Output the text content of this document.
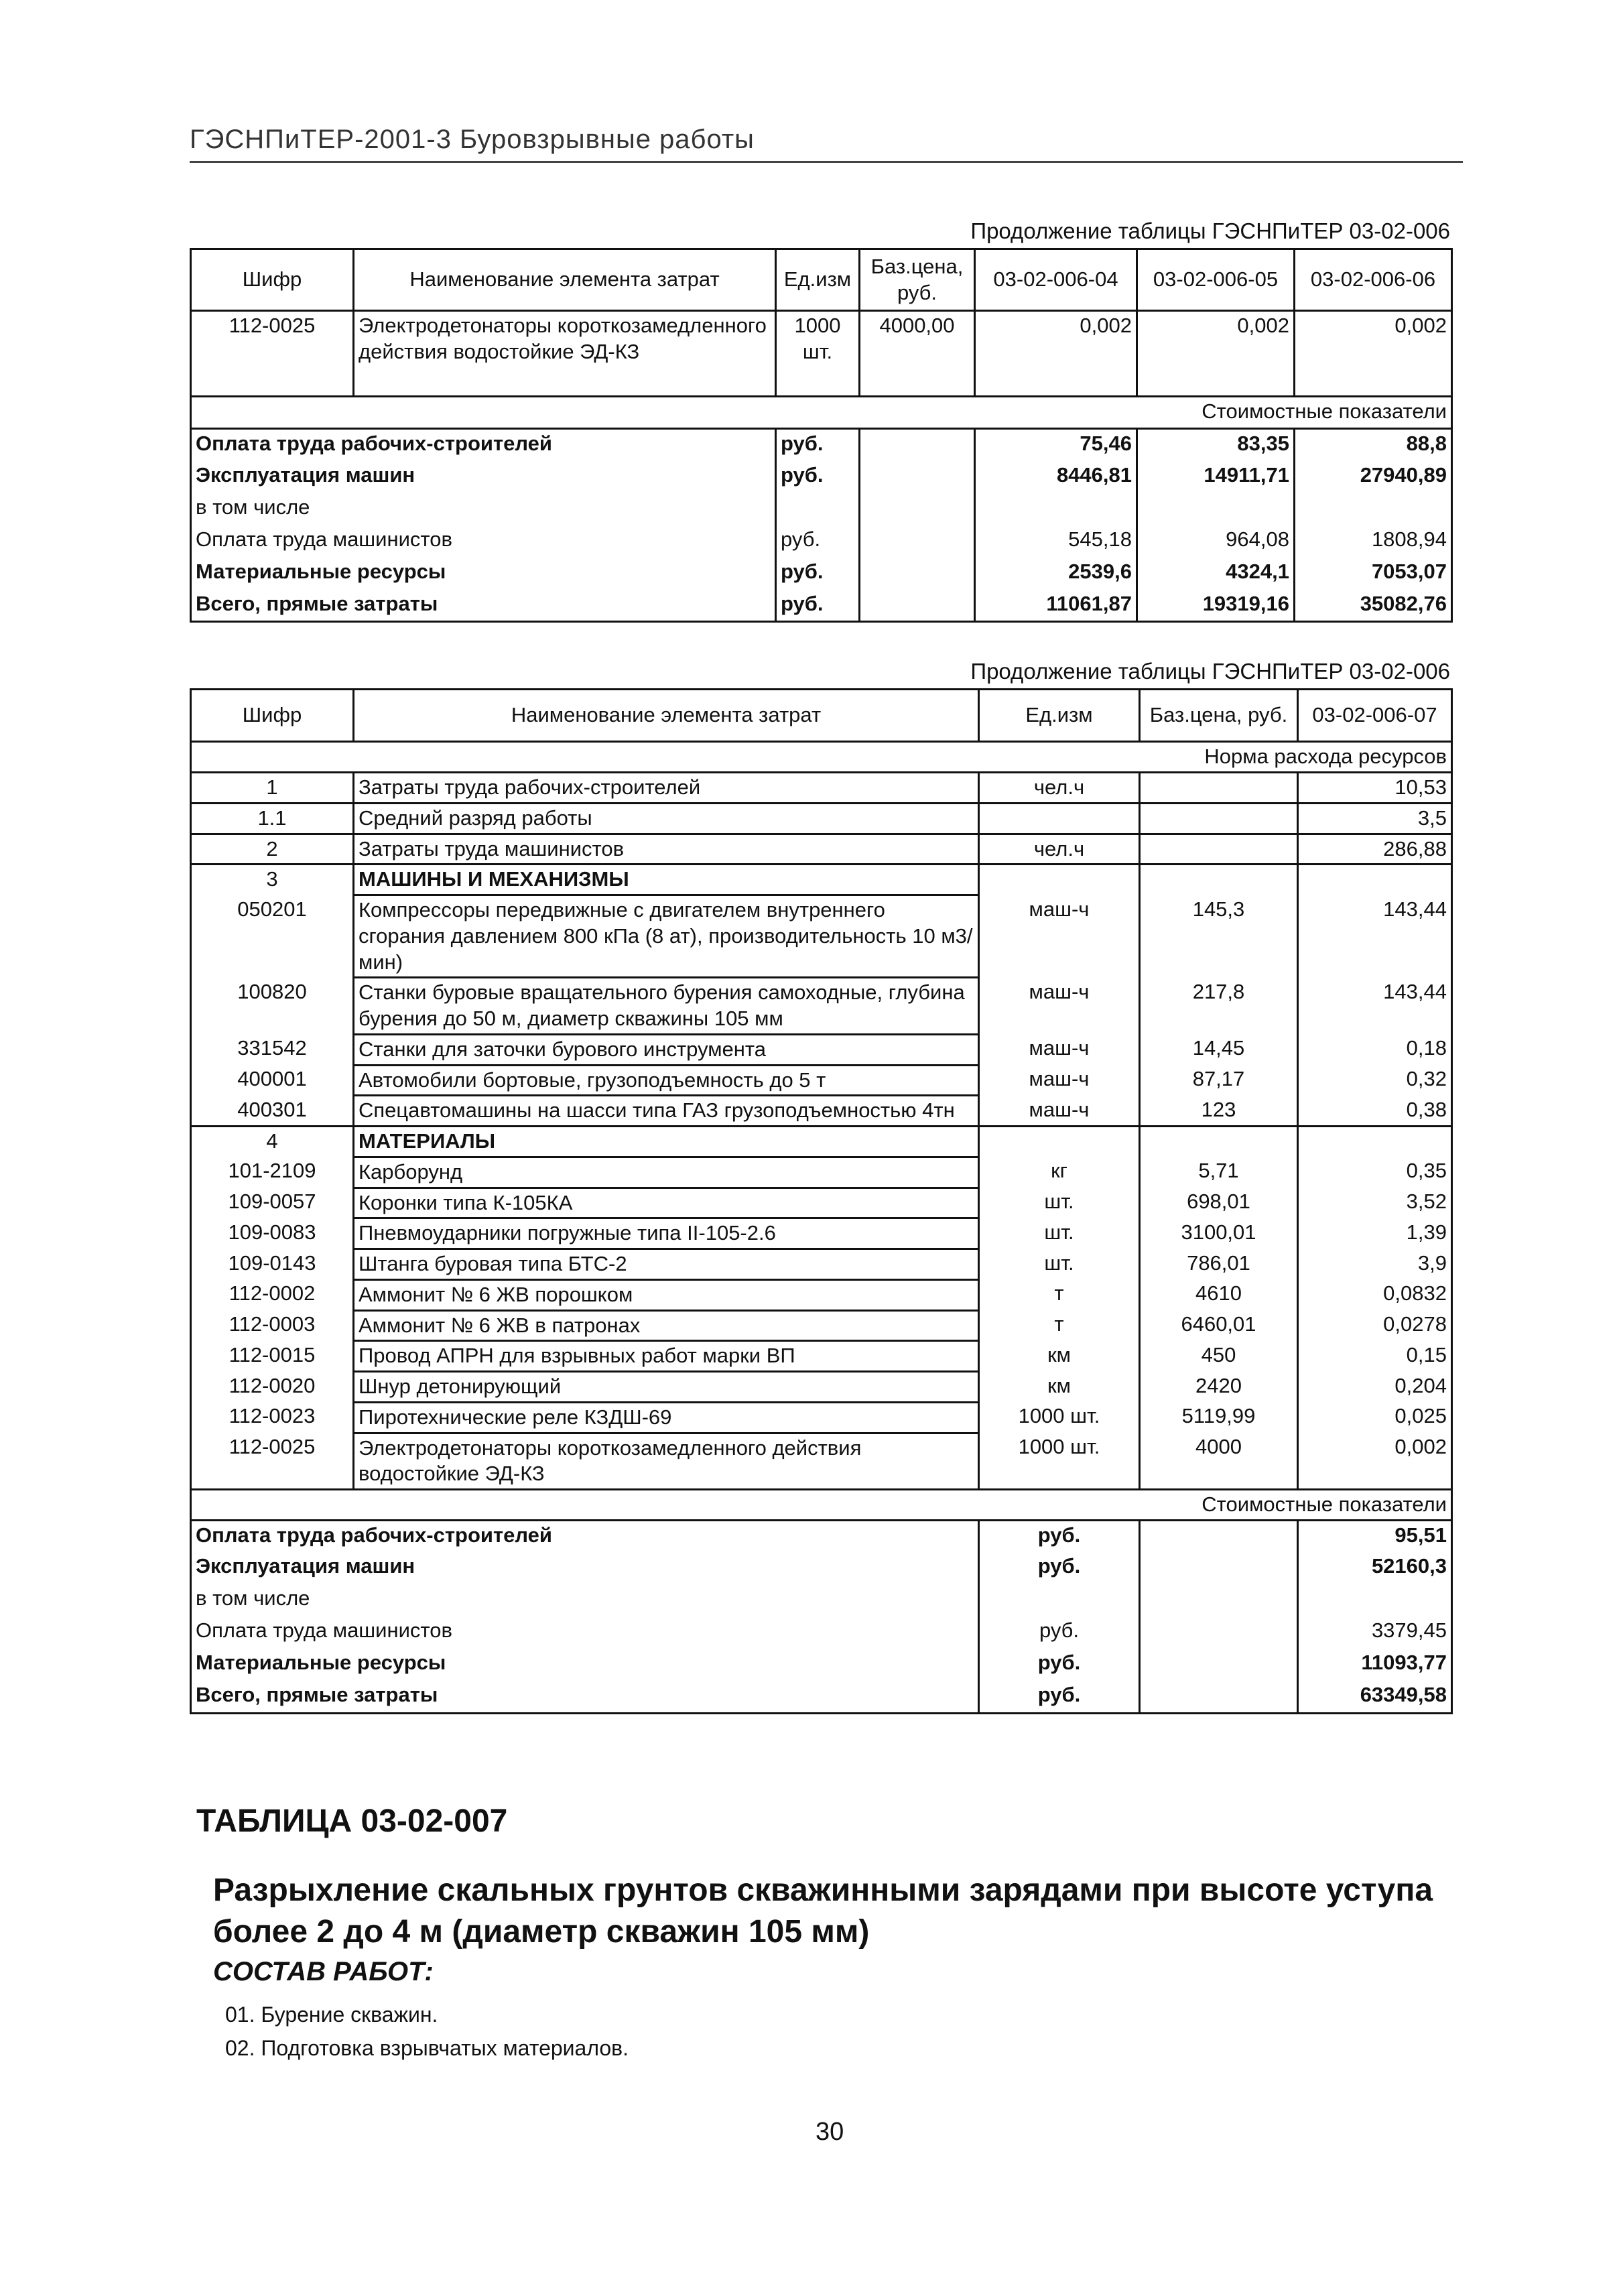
ГЭСНПиТЕР-2001-3 Буровзрывные работы
Продолжение таблицы ГЭСНПиТЕР 03-02-006
Шифр	Наименование элемента затрат	Ед.изм	Баз.цена, руб.	03-02-006-04	03-02-006-05	03-02-006-06
112-0025	Электродетонаторы короткозамедленного действия водостойкие ЭД-КЗ	1000 шт.	4000,00	0,002	0,002	0,002
Стоимостные показатели						
Оплата труда рабочих-строителей		руб.		75,46	83,35	88,8
Эксплуатация машин		руб.		8446,81	14911,71	27940,89
в том числе						
Оплата труда машинистов		руб.		545,18	964,08	1808,94
Материальные ресурсы		руб.		2539,6	4324,1	7053,07
Всего, прямые затраты		руб.		11061,87	19319,16	35082,76
Продолжение таблицы ГЭСНПиТЕР 03-02-006
Шифр	Наименование элемента затрат	Ед.изм	Баз.цена, руб.	03-02-006-07
Норма расхода ресурсов				
1	Затраты труда рабочих-строителей	чел.ч		10,53
1.1	Средний разряд работы			3,5
2	Затраты труда машинистов	чел.ч		286,88
3	МАШИНЫ И МЕХАНИЗМЫ			
050201	Компрессоры передвижные с двигателем внутреннего сгорания давлением 800 кПа (8 ат), производительность 10 м3/мин)	маш-ч	145,3	143,44
100820	Станки буровые вращательного бурения самоходные, глубина бурения до 50 м, диаметр скважины 105 мм	маш-ч	217,8	143,44
331542	Станки для заточки бурового инструмента	маш-ч	14,45	0,18
400001	Автомобили бортовые, грузоподъемность до 5 т	маш-ч	87,17	0,32
400301	Спецавтомашины на шасси типа ГАЗ грузоподъемностью 4тн	маш-ч	123	0,38
4	МАТЕРИАЛЫ			
101-2109	Карборунд	кг	5,71	0,35
109-0057	Коронки типа К-105КА	шт.	698,01	3,52
109-0083	Пневмоударники погружные типа II-105-2.6	шт.	3100,01	1,39
109-0143	Штанга буровая типа БТС-2	шт.	786,01	3,9
112-0002	Аммонит № 6 ЖВ порошком	т	4610	0,0832
112-0003	Аммонит № 6 ЖВ в патронах	т	6460,01	0,0278
112-0015	Провод АПРН для взрывных работ марки ВП	км	450	0,15
112-0020	Шнур детонирующий	км	2420	0,204
112-0023	Пиротехнические реле КЗДШ-69	1000 шт.	5119,99	0,025
112-0025	Электродетонаторы короткозамедленного действия водостойкие ЭД-КЗ	1000 шт.	4000	0,002
Стоимостные показатели				
Оплата труда рабочих-строителей		руб.		95,51
Эксплуатация машин		руб.		52160,3
в том числе				
Оплата труда машинистов		руб.		3379,45
Материальные ресурсы		руб.		11093,77
Всего, прямые затраты		руб.		63349,58
ТАБЛИЦА 03-02-007
Разрыхление скальных грунтов скважинными зарядами при высоте уступа более 2 до 4 м (диаметр скважин 105 мм)
СОСТАВ РАБОТ:
01. Бурение скважин.
02. Подготовка взрывчатых материалов.
30
